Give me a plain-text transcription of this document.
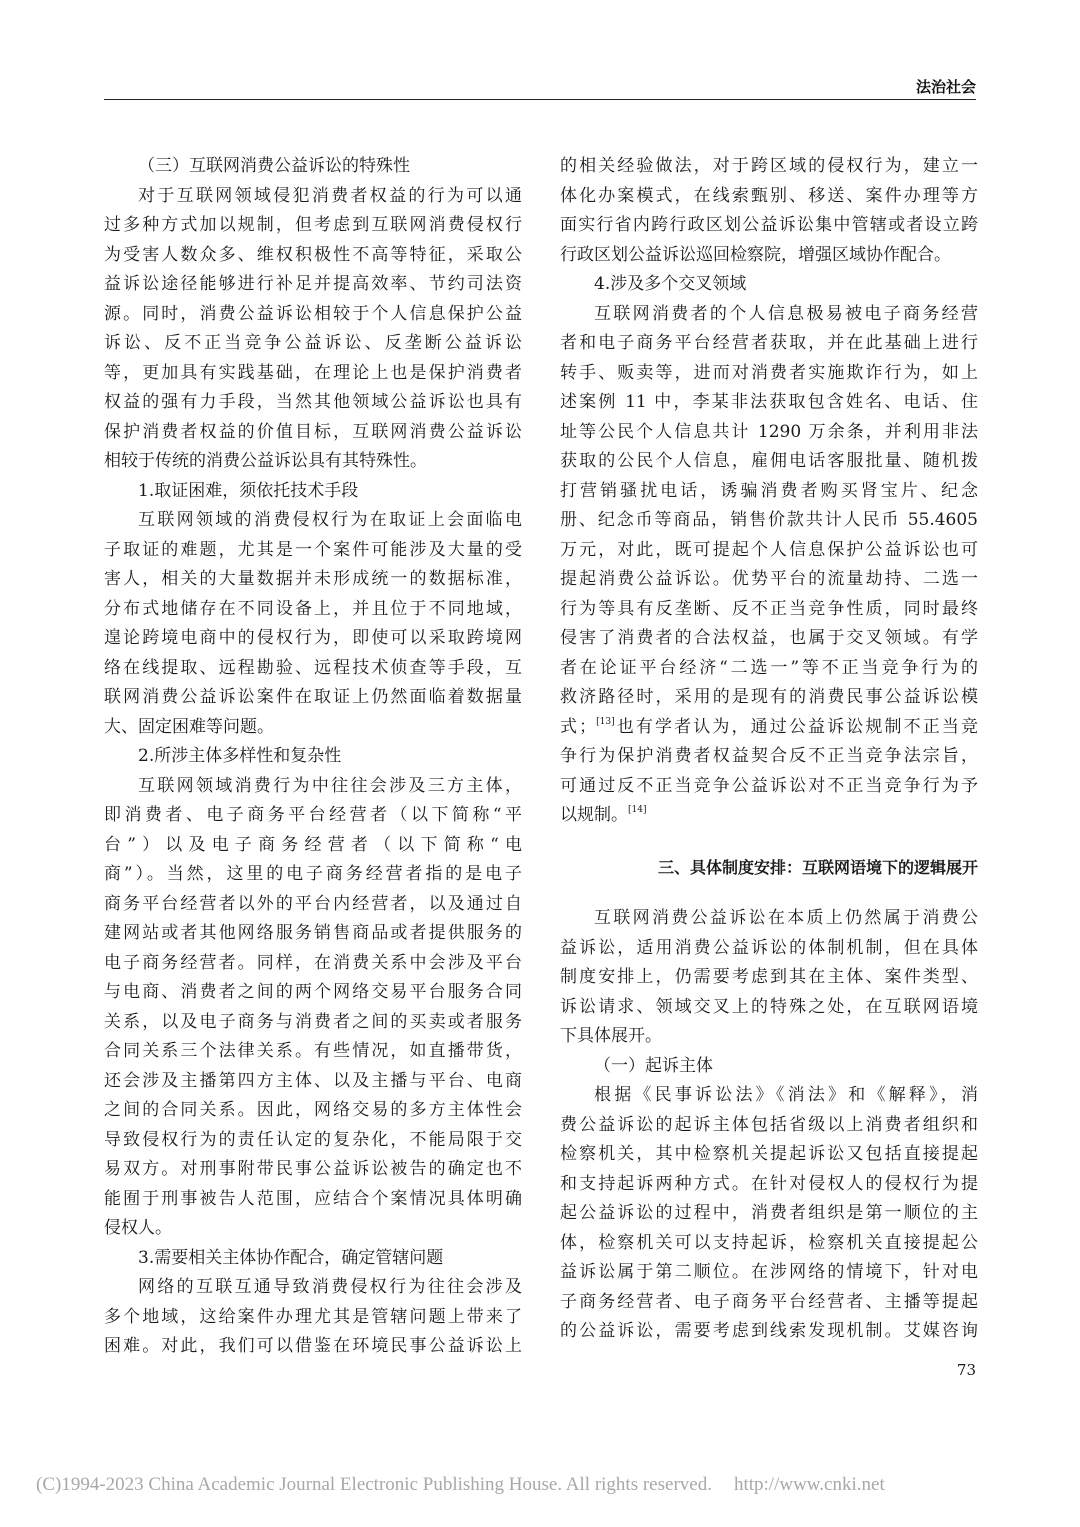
法治社会
（三）互联网消费公益诉讼的特殊性
对于互联网领域侵犯消费者权益的行为可以通
过多种方式加以规制，但考虑到互联网消费侵权行
为受害人数众多、维权积极性不高等特征，采取公
益诉讼途径能够进行补足并提高效率、节约司法资
源。同时，消费公益诉讼相较于个人信息保护公益
诉讼、反不正当竞争公益诉讼、反垄断公益诉讼
等，更加具有实践基础，在理论上也是保护消费者
权益的强有力手段，当然其他领域公益诉讼也具有
保护消费者权益的价值目标，互联网消费公益诉讼
相较于传统的消费公益诉讼具有其特殊性。
1.取证困难，须依托技术手段
互联网领域的消费侵权行为在取证上会面临电
子取证的难题，尤其是一个案件可能涉及大量的受
害人，相关的大量数据并未形成统一的数据标准，
分布式地储存在不同设备上，并且位于不同地域，
遑论跨境电商中的侵权行为，即使可以采取跨境网
络在线提取、远程勘验、远程技术侦查等手段，互
联网消费公益诉讼案件在取证上仍然面临着数据量
大、固定困难等问题。
2.所涉主体多样性和复杂性
互联网领域消费行为中往往会涉及三方主体，
即消费者、电子商务平台经营者（以下简称“平
台”）以及电子商务经营者（以下简称“电
商”）。当然，这里的电子商务经营者指的是电子
商务平台经营者以外的平台内经营者，以及通过自
建网站或者其他网络服务销售商品或者提供服务的
电子商务经营者。同样，在消费关系中会涉及平台
与电商、消费者之间的两个网络交易平台服务合同
关系，以及电子商务与消费者之间的买卖或者服务
合同关系三个法律关系。有些情况，如直播带货，
还会涉及主播第四方主体、以及主播与平台、电商
之间的合同关系。因此，网络交易的多方主体性会
导致侵权行为的责任认定的复杂化，不能局限于交
易双方。对刑事附带民事公益诉讼被告的确定也不
能囿于刑事被告人范围，应结合个案情况具体明确
侵权人。
3.需要相关主体协作配合，确定管辖问题
网络的互联互通导致消费侵权行为往往会涉及
多个地域，这给案件办理尤其是管辖问题上带来了
困难。对此，我们可以借鉴在环境民事公益诉讼上
的相关经验做法，对于跨区域的侵权行为，建立一
体化办案模式，在线索甄别、移送、案件办理等方
面实行省内跨行政区划公益诉讼集中管辖或者设立跨
行政区划公益诉讼巡回检察院，增强区域协作配合。
4.涉及多个交叉领域
互联网消费者的个人信息极易被电子商务经营
者和电子商务平台经营者获取，并在此基础上进行
转手、贩卖等，进而对消费者实施欺诈行为，如上
述案例 11 中，李某非法获取包含姓名、电话、住
址等公民个人信息共计 1290 万余条，并利用非法
获取的公民个人信息，雇佣电话客服批量、随机拨
打营销骚扰电话，诱骗消费者购买肾宝片、纪念
册、纪念币等商品，销售价款共计人民币 55.4605
万元，对此，既可提起个人信息保护公益诉讼也可
提起消费公益诉讼。优势平台的流量劫持、二选一
行为等具有反垄断、反不正当竞争性质，同时最终
侵害了消费者的合法权益，也属于交叉领域。有学
者在论证平台经济“二选一”等不正当竞争行为的
救济路径时，采用的是现有的消费民事公益诉讼模
式；[13]也有学者认为，通过公益诉讼规制不正当竞
争行为保护消费者权益契合反不正当竞争法宗旨，
可通过反不正当竞争公益诉讼对不正当竞争行为予
以规制。[14]
三、具体制度安排：互联网语境下的逻辑展开
互联网消费公益诉讼在本质上仍然属于消费公
益诉讼，适用消费公益诉讼的体制机制，但在具体
制度安排上，仍需要考虑到其在主体、案件类型、
诉讼请求、领域交叉上的特殊之处，在互联网语境
下具体展开。
（一）起诉主体
根据《民事诉讼法》《消法》和《解释》，消
费公益诉讼的起诉主体包括省级以上消费者组织和
检察机关，其中检察机关提起诉讼又包括直接提起
和支持起诉两种方式。在针对侵权人的侵权行为提
起公益诉讼的过程中，消费者组织是第一顺位的主
体，检察机关可以支持起诉，检察机关直接提起公
益诉讼属于第二顺位。在涉网络的情境下，针对电
子商务经营者、电子商务平台经营者、主播等提起
的公益诉讼，需要考虑到线索发现机制。艾媒咨询
73
(C)1994-2023 China Academic Journal Electronic Publishing House. All rights reserved. http://www.cnki.net
